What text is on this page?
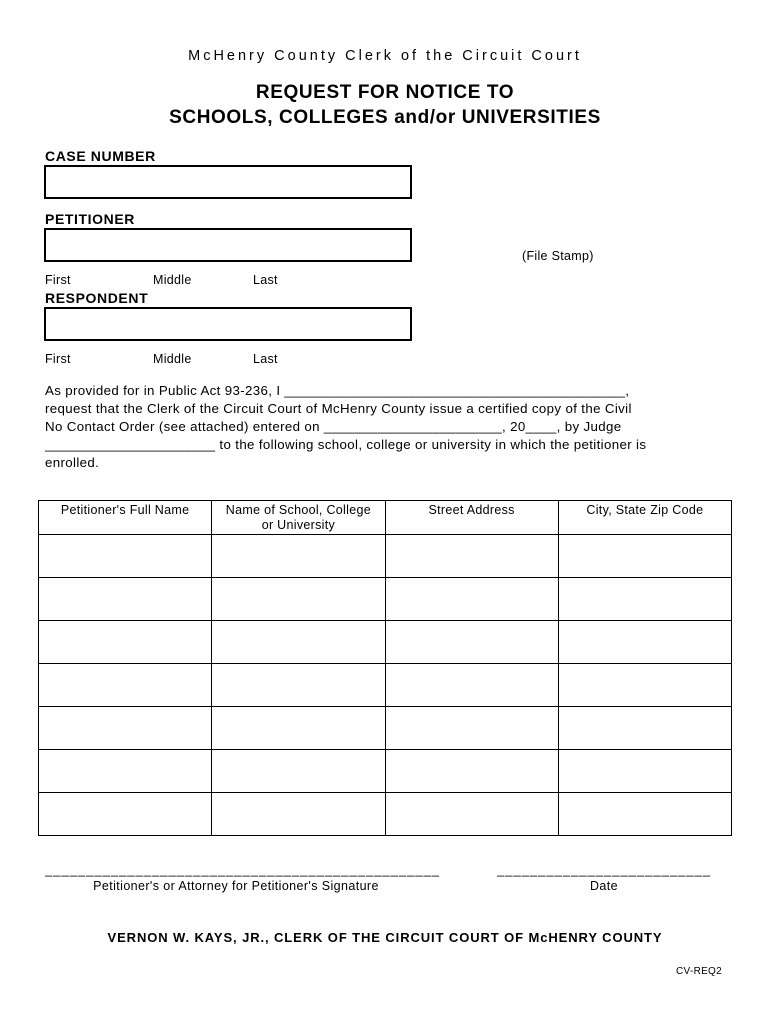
McHenry County Clerk of the Circuit Court
REQUEST FOR NOTICE TO
SCHOOLS, COLLEGES and/or UNIVERSITIES
CASE NUMBER
PETITIONER
First	Middle	Last
(File Stamp)
RESPONDENT
First	Middle	Last
As provided for in Public Act 93-236, I ____________________________________________,
request that the Clerk of the Circuit Court of McHenry County issue a certified copy of the Civil
No Contact Order (see attached) entered on _______________________, 20____, by Judge
______________________ to the following school, college or university in which the petitioner is
enrolled.
Petitioner's Full Name	Name of School, College or University	Street Address	City, State Zip Code

________________________________________________
Petitioner's or Attorney for Petitioner's Signature
__________________________
Date
VERNON W. KAYS, JR., CLERK OF THE CIRCUIT COURT OF McHENRY COUNTY
CV-REQ2
